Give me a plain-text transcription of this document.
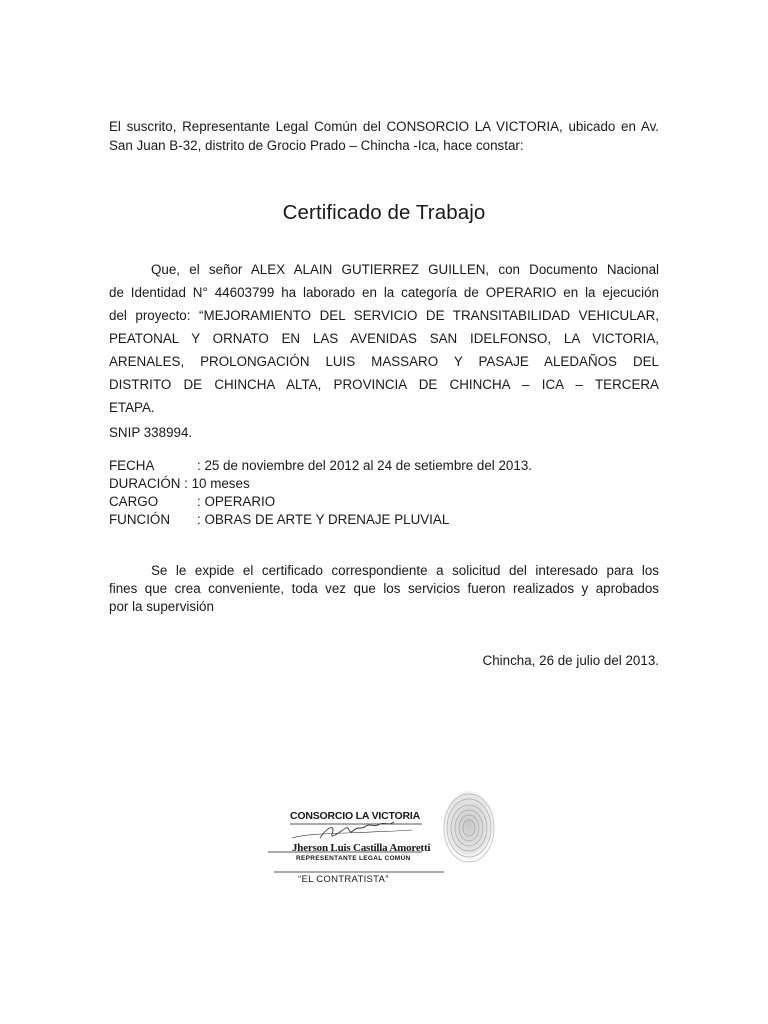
El suscrito, Representante Legal Común del CONSORCIO LA VICTORIA, ubicado en Av. San Juan B-32, distrito de Grocio Prado – Chincha -Ica, hace constar:

Certificado de Trabajo
Que, el señor ALEX ALAIN GUTIERREZ GUILLEN, con Documento Nacional
de Identidad N° 44603799 ha laborado en la categoría de OPERARIO en la ejecución
del proyecto: “MEJORAMIENTO DEL SERVICIO DE TRANSITABILIDAD VEHICULAR,
PEATONAL Y ORNATO EN LAS AVENIDAS SAN IDELFONSO, LA VICTORIA,
ARENALES, PROLONGACIÓN LUIS MASSARO Y PASAJE ALEDAÑOS DEL
DISTRITO DE CHINCHA ALTA, PROVINCIA DE CHINCHA – ICA – TERCERA
ETAPA.

SNIP 338994.

FECHA	: 25 de noviembre del 2012 al 24 de setiembre del 2013.
DURACIÓN : 10 meses
CARGO	: OPERARIO
FUNCIÓN : OBRAS DE ARTE Y DRENAJE PLUVIAL
Se le expide el certificado correspondiente a solicitud del interesado para los
fines que crea conveniente, toda vez que los servicios fueron realizados y aprobados
por la supervisión

Chincha, 26 de julio del 2013.

CONSORCIO LA VICTORIA
Jherson Luis Castilla Amoretti
REPRESENTANTE LEGAL COMÚN
“EL CONTRATISTA”
